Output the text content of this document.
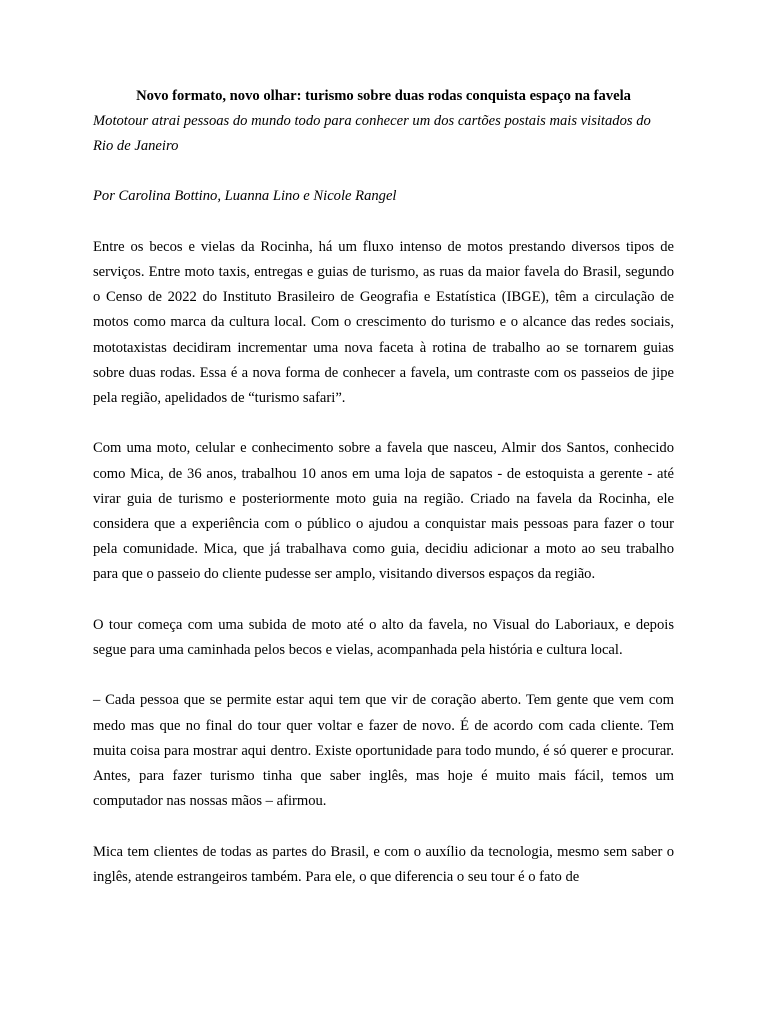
Novo formato, novo olhar: turismo sobre duas rodas conquista espaço na favela

Mototour atrai pessoas do mundo todo para conhecer um dos cartões postais mais visitados do Rio de Janeiro

Por Carolina Bottino, Luanna Lino e Nicole Rangel

Entre os becos e vielas da Rocinha, há um fluxo intenso de motos prestando diversos tipos de serviços. Entre moto taxis, entregas e guias de turismo, as ruas da maior favela do Brasil, segundo o Censo de 2022 do Instituto Brasileiro de Geografia e Estatística (IBGE), têm a circulação de motos como marca da cultura local. Com o crescimento do turismo e o alcance das redes sociais, mototaxistas decidiram incrementar uma nova faceta à rotina de trabalho ao se tornarem guias sobre duas rodas. Essa é a nova forma de conhecer a favela, um contraste com os passeios de jipe pela região, apelidados de “turismo safari”.

Com uma moto, celular e conhecimento sobre a favela que nasceu, Almir dos Santos, conhecido como Mica, de 36 anos, trabalhou 10 anos em uma loja de sapatos - de estoquista a gerente - até virar guia de turismo e posteriormente moto guia na região. Criado na favela da Rocinha, ele considera que a experiência com o público o ajudou a conquistar mais pessoas para fazer o tour pela comunidade. Mica, que já trabalhava como guia, decidiu adicionar a moto ao seu trabalho para que o passeio do cliente pudesse ser amplo, visitando diversos espaços da região.

O tour começa com uma subida de moto até o alto da favela, no Visual do Laboriaux, e depois segue para uma caminhada pelos becos e vielas, acompanhada pela história e cultura local.

– Cada pessoa que se permite estar aqui tem que vir de coração aberto. Tem gente que vem com medo mas que no final do tour quer voltar e fazer de novo. É de acordo com cada cliente. Tem muita coisa para mostrar aqui dentro. Existe oportunidade para todo mundo, é só querer e procurar. Antes, para fazer turismo tinha que saber inglês, mas hoje é muito mais fácil, temos um computador nas nossas mãos – afirmou.

Mica tem clientes de todas as partes do Brasil, e com o auxílio da tecnologia, mesmo sem saber o inglês, atende estrangeiros também. Para ele, o que diferencia o seu tour é o fato de
